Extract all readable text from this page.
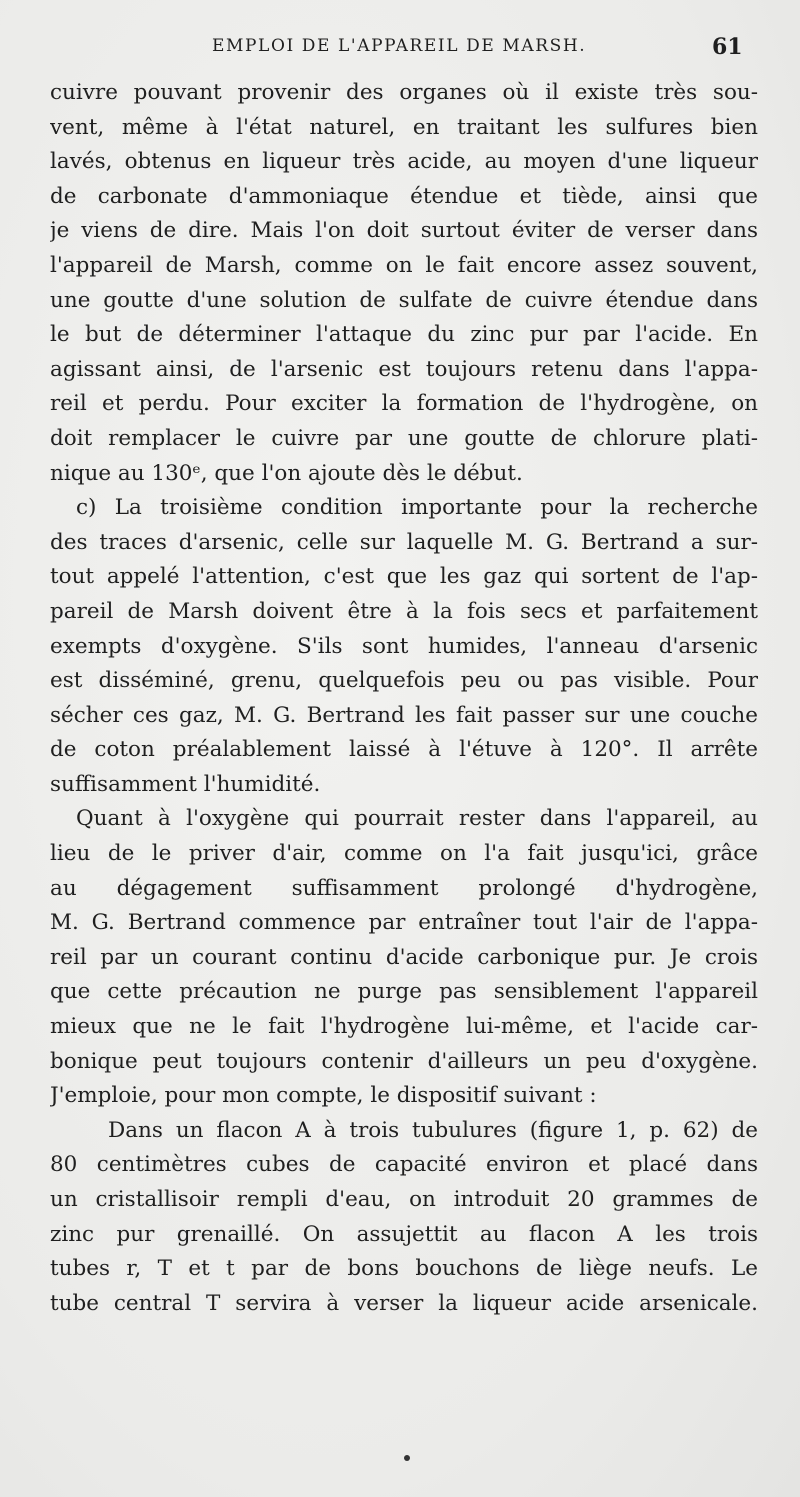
EMPLOI DE L'APPAREIL DE MARSH.	61
cuivre pouvant provenir des organes où il existe très sou-
vent, même à l'état naturel, en traitant les sulfures bien
lavés, obtenus en liqueur très acide, au moyen d'une liqueur
de carbonate d'ammoniaque étendue et tiède, ainsi que
je viens de dire. Mais l'on doit surtout éviter de verser dans
l'appareil de Marsh, comme on le fait encore assez souvent,
une goutte d'une solution de sulfate de cuivre étendue dans
le but de déterminer l'attaque du zinc pur par l'acide. En
agissant ainsi, de l'arsenic est toujours retenu dans l'appa-
reil et perdu. Pour exciter la formation de l'hydrogène, on
doit remplacer le cuivre par une goutte de chlorure plati-
nique au 130ᵉ, que l'on ajoute dès le début.
c) La troisième condition importante pour la recherche
des traces d'arsenic, celle sur laquelle M. G. Bertrand a sur-
tout appelé l'attention, c'est que les gaz qui sortent de l'ap-
pareil de Marsh doivent être à la fois secs et parfaitement
exempts d'oxygène. S'ils sont humides, l'anneau d'arsenic
est disséminé, grenu, quelquefois peu ou pas visible. Pour
sécher ces gaz, M. G. Bertrand les fait passer sur une couche
de coton préalablement laissé à l'étuve à 120°. Il arrête
suffisamment l'humidité.
Quant à l'oxygène qui pourrait rester dans l'appareil, au
lieu de le priver d'air, comme on l'a fait jusqu'ici, grâce
au dégagement suffisamment prolongé d'hydrogène,
M. G. Bertrand commence par entraîner tout l'air de l'appa-
reil par un courant continu d'acide carbonique pur. Je crois
que cette précaution ne purge pas sensiblement l'appareil
mieux que ne le fait l'hydrogène lui-même, et l'acide car-
bonique peut toujours contenir d'ailleurs un peu d'oxygène.
J'emploie, pour mon compte, le dispositif suivant :
Dans un flacon A à trois tubulures (figure 1, p. 62) de
80 centimètres cubes de capacité environ et placé dans
un cristallisoir rempli d'eau, on introduit 20 grammes de
zinc pur grenaillé. On assujettit au flacon A les trois
tubes r, T et t par de bons bouchons de liège neufs. Le
tube central T servira à verser la liqueur acide arsenicale.
